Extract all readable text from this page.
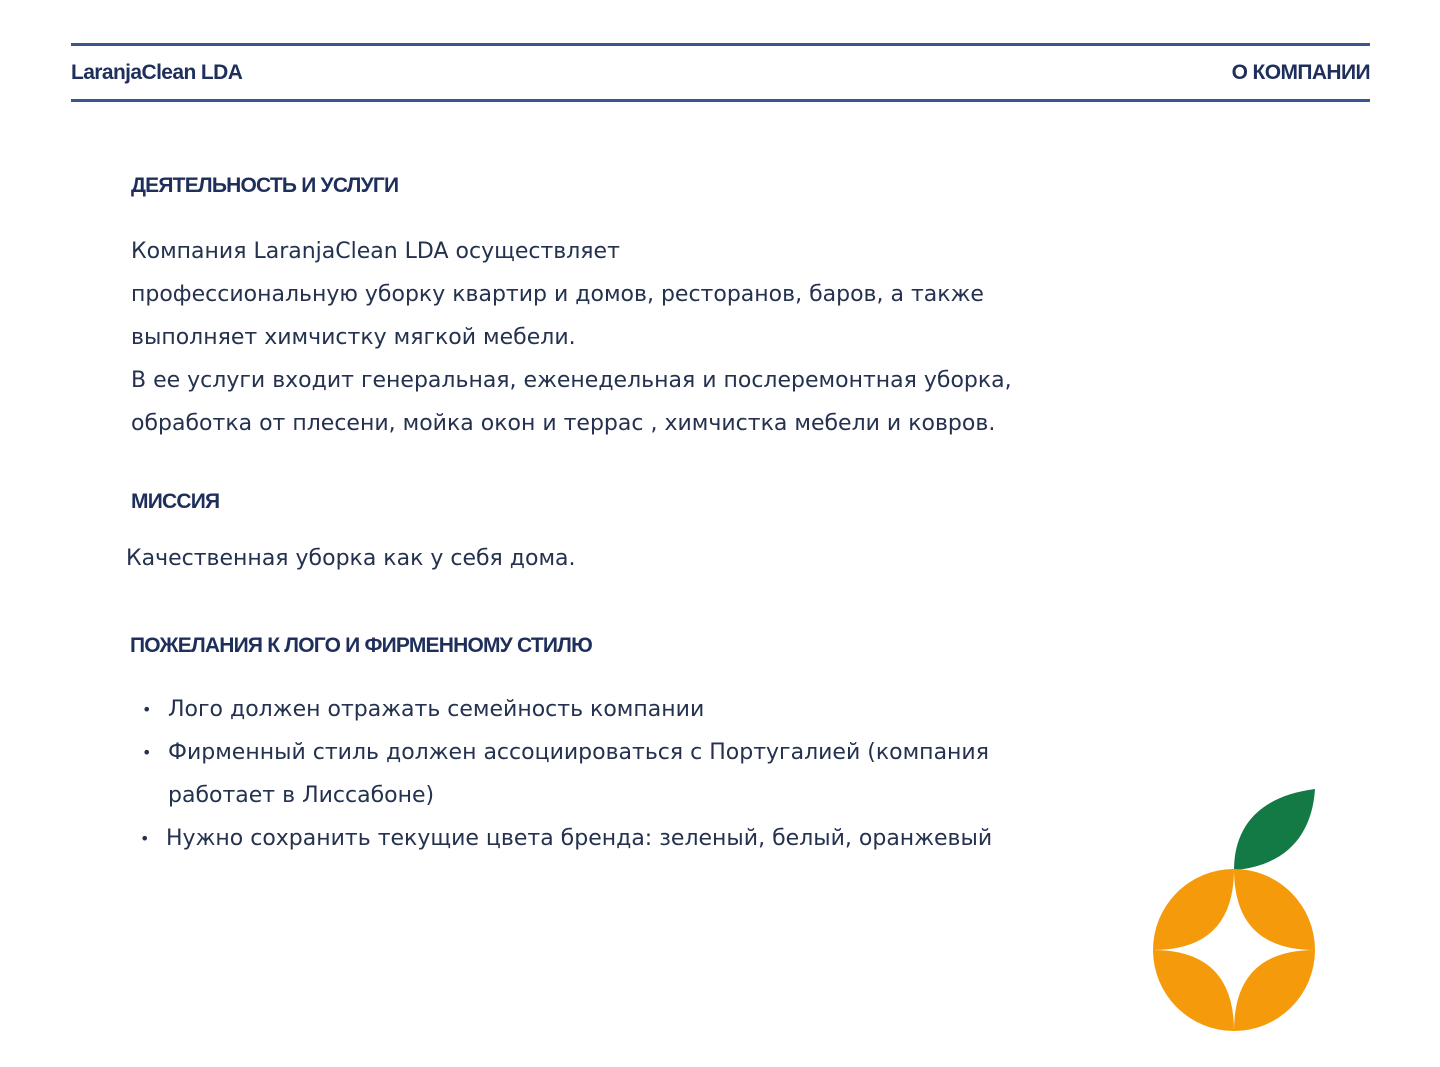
LaranjaClean LDA	О КОМПАНИИ
ДЕЯТЕЛЬНОСТЬ И УСЛУГИ

Компания LaranjaClean LDA осуществляет
профессиональную уборку квартир и домов, ресторанов, баров, а также
выполняет химчистку мягкой мебели.
В ее услуги входит генеральная, еженедельная и послеремонтная уборка,
обработка от плесени, мойка окон и террас , химчистка мебели и ковров.

МИССИЯ

Качественная уборка как у себя дома.

ПОЖЕЛАНИЯ К ЛОГО И ФИРМЕННОМУ СТИЛЮ
• Лого должен отражать семейность компании
• Фирменный стиль должен ассоциироваться с Португалией (компания
работает в Лиссабоне)
• Нужно сохранить текущие цвета бренда: зеленый, белый, оранжевый
